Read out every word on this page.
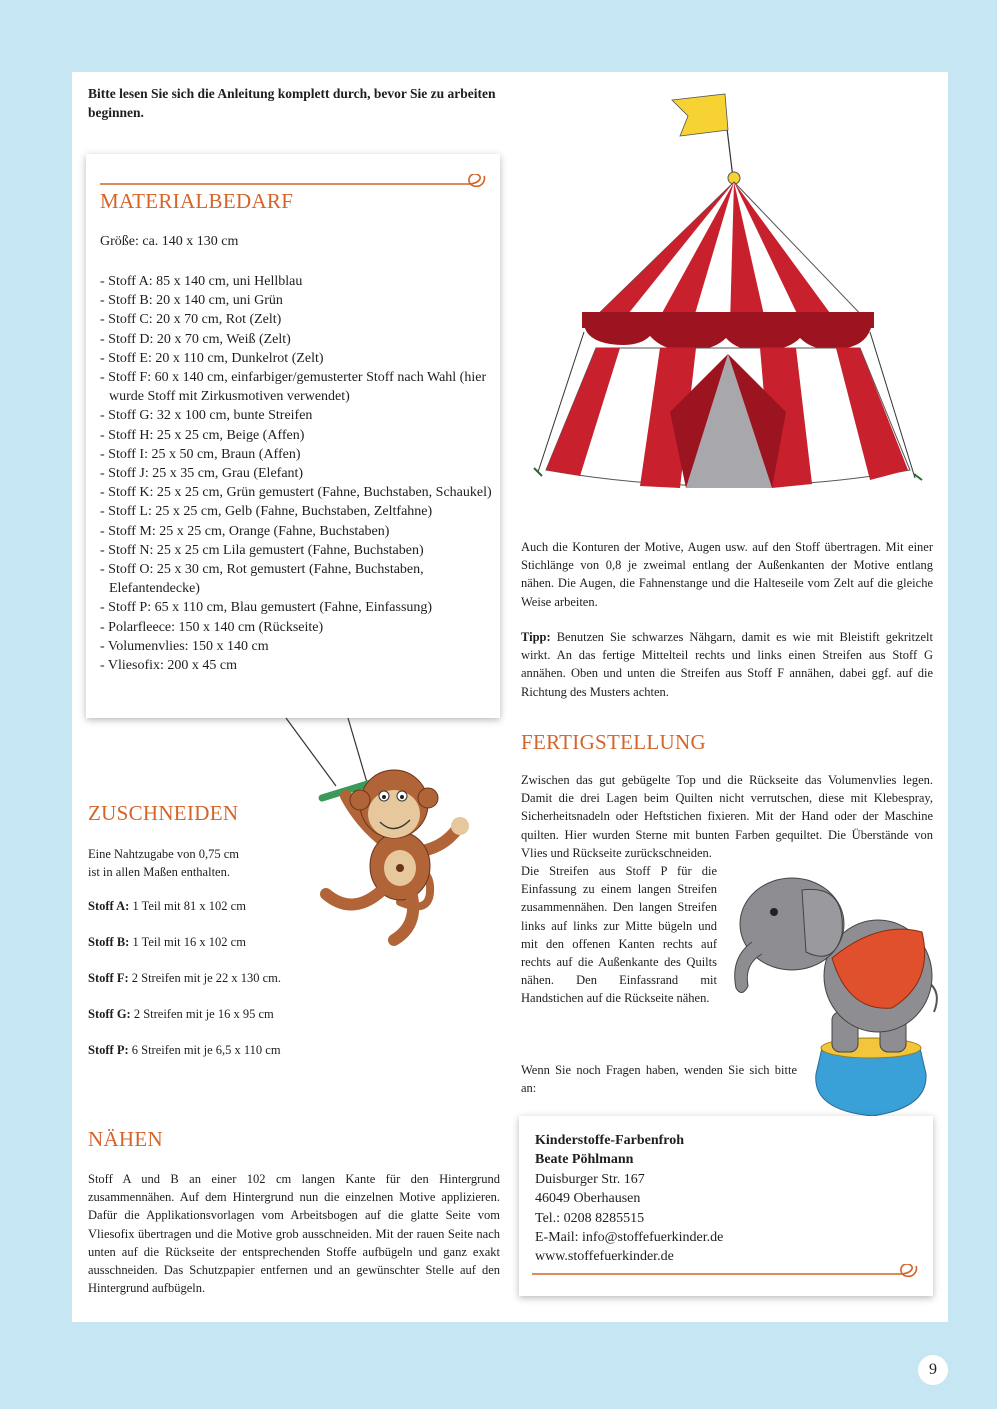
Bitte lesen Sie sich die Anleitung komplett durch, bevor Sie zu arbeiten beginnen.
MATERIALBEDARF
Größe: ca. 140 x 130 cm
- Stoff A: 85 x 140 cm, uni Hellblau
- Stoff B: 20 x 140 cm, uni Grün
- Stoff C: 20 x 70 cm, Rot (Zelt)
- Stoff D: 20 x 70 cm, Weiß (Zelt)
- Stoff E: 20 x 110 cm, Dunkelrot (Zelt)
- Stoff F: 60 x 140 cm, einfarbiger/gemusterter Stoff nach Wahl (hier wurde Stoff mit Zirkusmotiven verwendet)
- Stoff G: 32 x 100 cm, bunte Streifen
- Stoff H: 25 x 25 cm, Beige (Affen)
- Stoff I: 25 x 50 cm, Braun (Affen)
- Stoff J: 25 x 35 cm, Grau (Elefant)
- Stoff K: 25 x 25 cm, Grün gemustert (Fahne, Buchstaben, Schaukel)
- Stoff L: 25 x 25 cm, Gelb (Fahne, Buchstaben, Zeltfahne)
- Stoff M: 25 x 25 cm, Orange (Fahne, Buchstaben)
- Stoff N: 25 x 25 cm Lila gemustert (Fahne, Buchstaben)
- Stoff O: 25 x 30 cm, Rot gemustert (Fahne, Buchstaben, Elefantendecke)
- Stoff P: 65 x 110 cm, Blau gemustert (Fahne, Einfassung)
- Polarfleece: 150 x 140 cm (Rückseite)
- Volumenvlies: 150 x 140 cm
- Vliesofix: 200 x 45 cm
ZUSCHNEIDEN
Eine Nahtzugabe von 0,75 cm
ist in allen Maßen enthalten.
Stoff A: 1 Teil mit 81 x 102 cm
Stoff B: 1 Teil mit 16 x 102 cm
Stoff F: 2 Streifen mit je 22 x 130 cm.
Stoff G: 2 Streifen mit je 16 x 95 cm
Stoff P: 6 Streifen mit je 6,5 x 110 cm
NÄHEN
Stoff A und B an einer 102 cm langen Kante für den Hintergrund zusammennähen. Auf dem Hintergrund nun die einzelnen Motive applizieren. Dafür die Applikationsvorlagen vom Arbeitsbogen auf die glatte Seite vom Vliesofix übertragen und die Motive grob ausschneiden. Mit der rauen Seite nach unten auf die Rückseite der entsprechenden Stoffe aufbügeln und ganz exakt ausschneiden. Das Schutzpapier entfernen und an gewünschter Stelle auf den Hintergrund aufbügeln.
Auch die Konturen der Motive, Augen usw. auf den Stoff übertragen. Mit einer Stichlänge von 0,8 je zweimal entlang der Außenkanten der Motive entlang nähen. Die Augen, die Fahnenstange und die Halteseile vom Zelt auf die gleiche Weise arbeiten.
Tipp: Benutzen Sie schwarzes Nähgarn, damit es wie mit Bleistift gekritzelt wirkt. An das fertige Mittelteil rechts und links einen Streifen aus Stoff G annähen. Oben und unten die Streifen aus Stoff F annähen, dabei ggf. auf die Richtung des Musters achten.
FERTIGSTELLUNG
Zwischen das gut gebügelte Top und die Rückseite das Volumenvlies legen. Damit die drei Lagen beim Quilten nicht verrutschen, diese mit Klebespray, Sicherheitsnadeln oder Heftstichen fixieren. Mit der Hand oder der Maschine quilten. Hier wurden Sterne mit bunten Farben gequiltet. Die Überstände von Vlies und Rückseite zurückschneiden.
Die Streifen aus Stoff P für die Einfassung zu einem langen Streifen zusammennähen. Den langen Streifen links auf links zur Mitte bügeln und mit den offenen Kanten rechts auf rechts auf die Außenkante des Quilts nähen. Den Einfassrand mit Handstichen auf die Rückseite nähen.
Wenn Sie noch Fragen haben, wenden Sie sich bitte an:
Kinderstoffe-Farbenfroh
Beate Pöhlmann
Duisburger Str. 167
46049 Oberhausen
Tel.: 0208 8285515
E-Mail: info@stoffefuerkinder.de
www.stoffefuerkinder.de
9
